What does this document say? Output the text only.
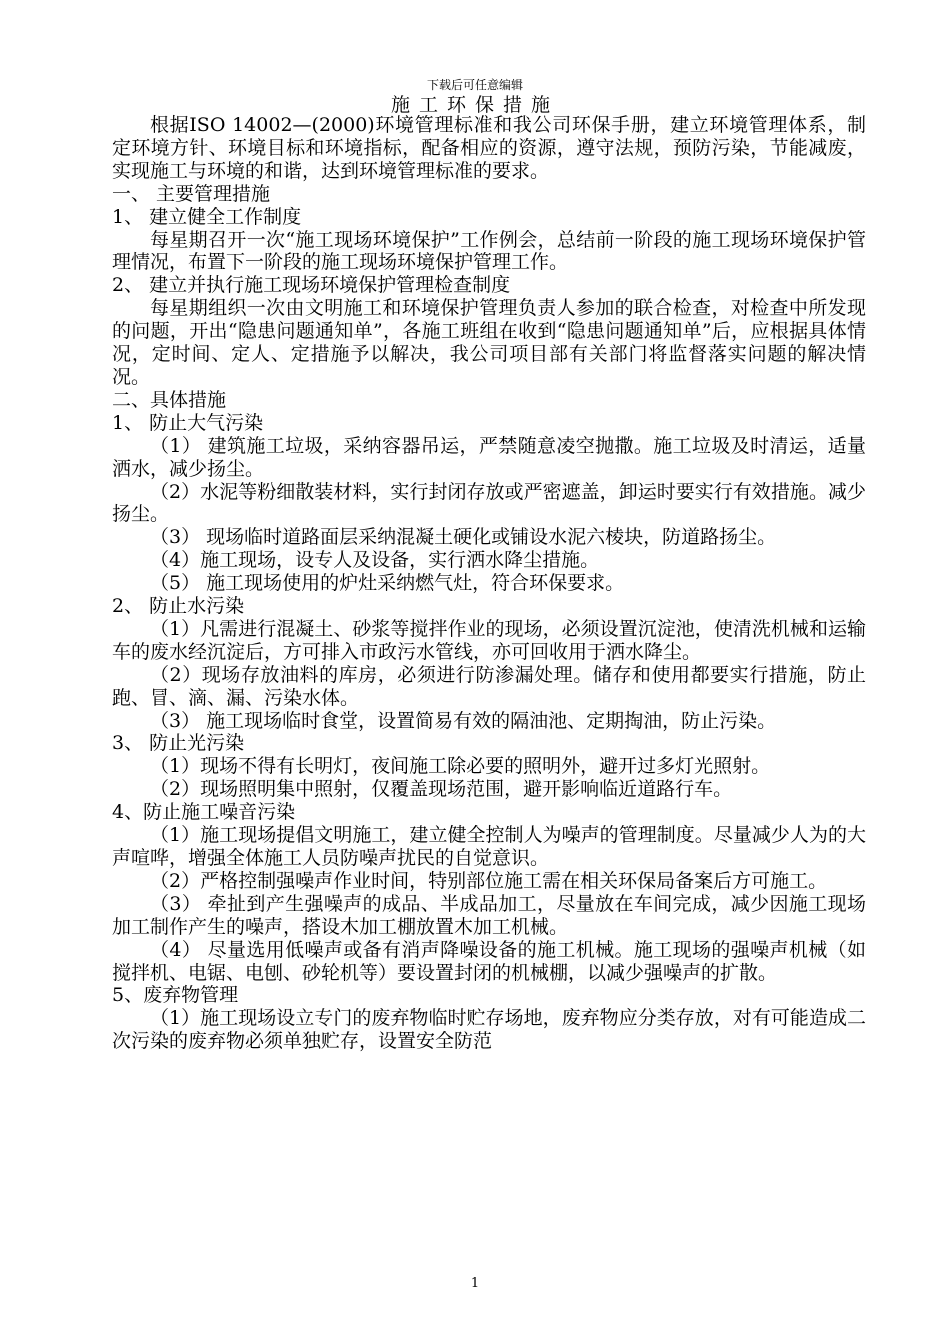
下载后可任意编辑
施工环保措施

根据ISO 14002—(2000)环境管理标准和我公司环保手册，建立环境管理体系，制定环境方针、环境目标和环境指标，配备相应的资源，遵守法规，预防污染，节能减废，实现施工与环境的和谐，达到环境管理标准的要求。

一、 主要管理措施

1、 建立健全工作制度

每星期召开一次“施工现场环境保护”工作例会，总结前一阶段的施工现场环境保护管理情况，布置下一阶段的施工现场环境保护管理工作。

2、 建立并执行施工现场环境保护管理检查制度

每星期组织一次由文明施工和环境保护管理负责人参加的联合检查，对检查中所发现的问题，开出“隐患问题通知单”，各施工班组在收到“隐患问题通知单”后，应根据具体情况，定时间、定人、定措施予以解决，我公司项目部有关部门将监督落实问题的解决情况。

二、具体措施

1、 防止大气污染

（1） 建筑施工垃圾，采纳容器吊运，严禁随意凌空抛撒。施工垃圾及时清运，适量洒水，减少扬尘。

（2）水泥等粉细散装材料，实行封闭存放或严密遮盖，卸运时要实行有效措施。减少扬尘。

（3） 现场临时道路面层采纳混凝土硬化或铺设水泥六棱块，防道路扬尘。

（4）施工现场，设专人及设备，实行洒水降尘措施。

（5） 施工现场使用的炉灶采纳燃气灶，符合环保要求。

2、 防止水污染

（1）凡需进行混凝土、砂浆等搅拌作业的现场，必须设置沉淀池，使清洗机械和运输车的废水经沉淀后，方可排入市政污水管线，亦可回收用于洒水降尘。

（2）现场存放油料的库房，必须进行防渗漏处理。储存和使用都要实行措施，防止跑、冒、滴、漏、污染水体。

（3） 施工现场临时食堂，设置简易有效的隔油池、定期掏油，防止污染。

3、 防止光污染

（1）现场不得有长明灯，夜间施工除必要的照明外，避开过多灯光照射。

（2）现场照明集中照射，仅覆盖现场范围，避开影响临近道路行车。

4、防止施工噪音污染

（1）施工现场提倡文明施工，建立健全控制人为噪声的管理制度。尽量减少人为的大声喧哗，增强全体施工人员防噪声扰民的自觉意识。

（2）严格控制强噪声作业时间，特别部位施工需在相关环保局备案后方可施工。

（3） 牵扯到产生强噪声的成品、半成品加工，尽量放在车间完成，减少因施工现场加工制作产生的噪声，搭设木加工棚放置木加工机械。

（4） 尽量选用低噪声或备有消声降噪设备的施工机械。施工现场的强噪声机械（如搅拌机、电锯、电刨、砂轮机等）要设置封闭的机械棚，以减少强噪声的扩散。

5、废弃物管理

（1）施工现场设立专门的废弃物临时贮存场地，废弃物应分类存放，对有可能造成二次污染的废弃物必须单独贮存，设置安全防范

1
